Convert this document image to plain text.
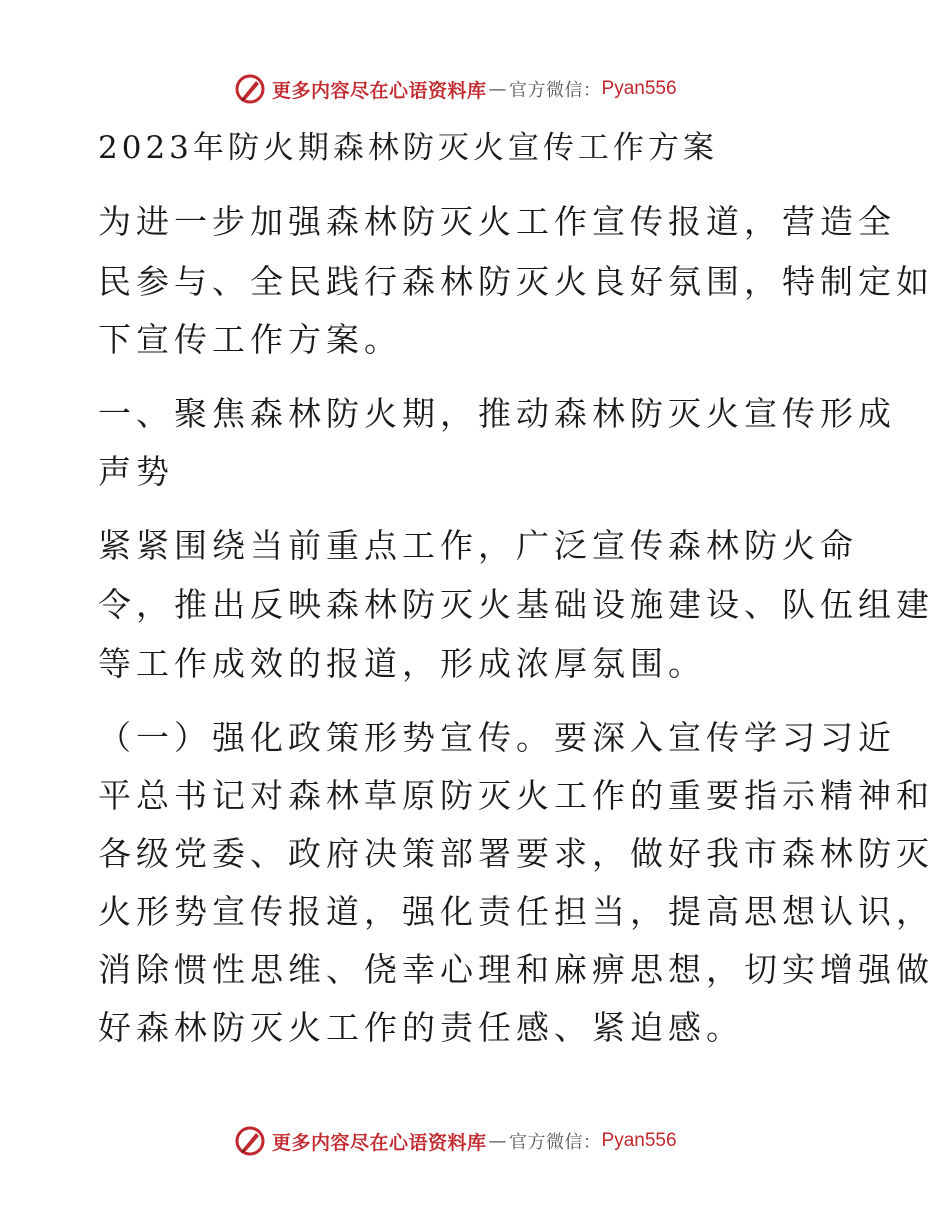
更多内容尽在心语资料库 — 官方微信： Pyan556
2023年防火期森林防灭火宣传工作方案
为进一步加强森林防灭火工作宣传报道，营造全
民参与、全民践行森林防灭火良好氛围，特制定如
下宣传工作方案。
一、聚焦森林防火期，推动森林防灭火宣传形成
声势
紧紧围绕当前重点工作，广泛宣传森林防火命
令，推出反映森林防灭火基础设施建设、队伍组建
等工作成效的报道，形成浓厚氛围。
（一）强化政策形势宣传。要深入宣传学习习近
平总书记对森林草原防灭火工作的重要指示精神和
各级党委、政府决策部署要求，做好我市森林防灭
火形势宣传报道，强化责任担当，提高思想认识，
消除惯性思维、侥幸心理和麻痹思想，切实增强做
好森林防灭火工作的责任感、紧迫感。
更多内容尽在心语资料库 — 官方微信： Pyan556
